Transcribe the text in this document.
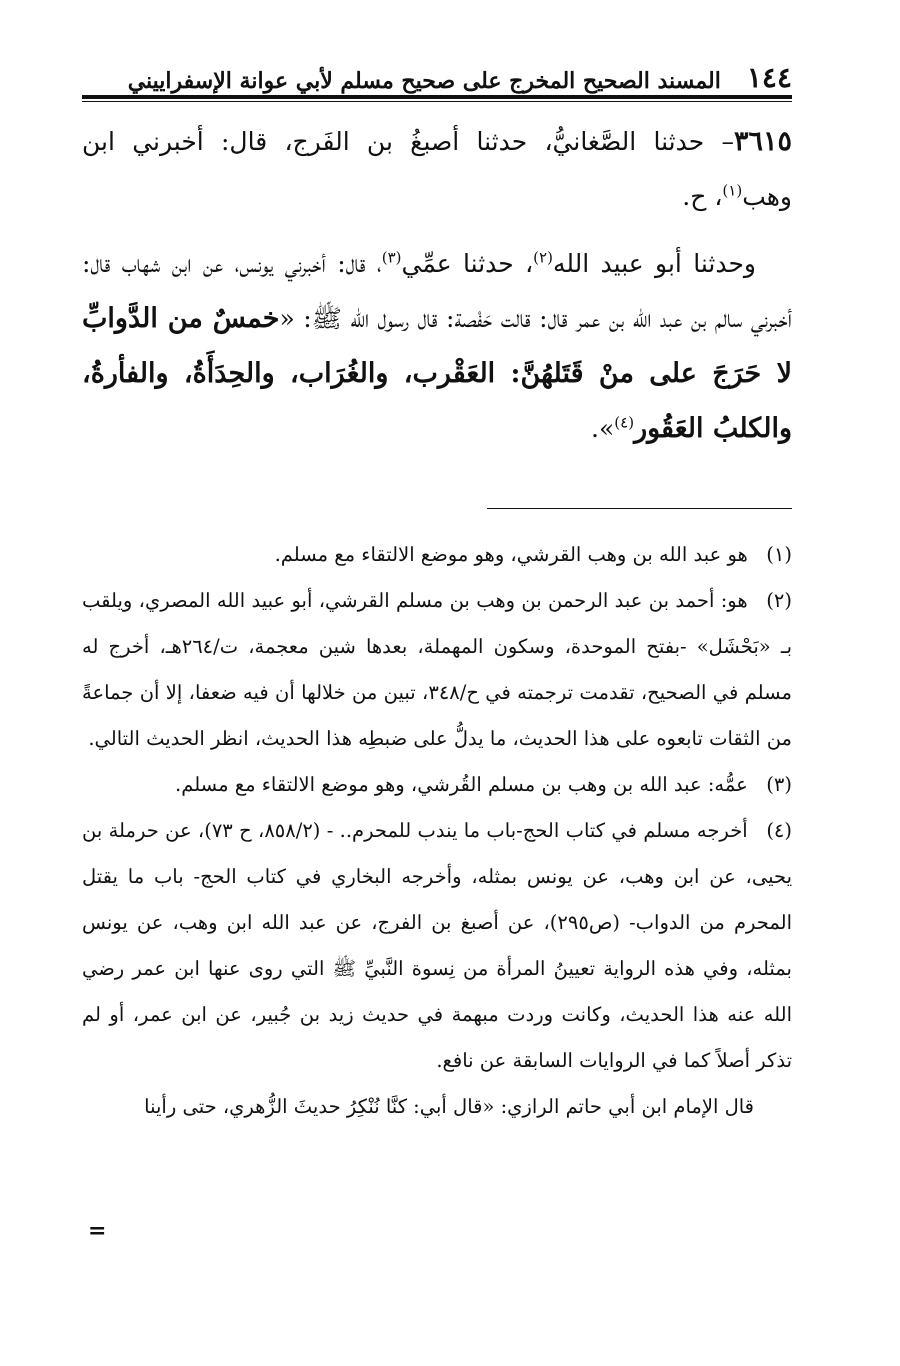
١٤٤
المسند الصحيح المخرج على صحيح مسلم لأبي عوانة الإسفراييني

٣٦١٥– حدثنا الصَّغانيُّ، حدثنا أصبغُ بن الفَرج، قال: أخبرني ابن وهب$^{(١)}$، ح.

وحدثنا أبو عبيد الله$^{(٢)}$، حدثنا عمِّي$^{(٣)}$، قال: أخبرني يونس، عن ابن شهاب قال: أخبرني سالم بن عبد الله بن عمر قال: قالت حَفْصة: قال رسول الله ﷺ: «خمسٌ من الدَّوابِّ لا حَرَجَ على منْ قَتَلهُنَّ: العَقْرب، والغُرَاب، والحِدَأَةُ، والفأرةُ، والكلبُ العَقُور$^{(٤)}$».

(١) هو عبد الله بن وهب القرشي، وهو موضع الالتقاء مع مسلم.

(٢) هو: أحمد بن عبد الرحمن بن وهب بن مسلم القرشي، أبو عبيد الله المصري، ويلقب بـ «بَحْشَل» -بفتح الموحدة، وسكون المهملة، بعدها شين معجمة، ت/٢٦٤هـ، أخرج له مسلم في الصحيح، تقدمت ترجمته في ح/٣٤٨، تبين من خلالها أن فيه ضعفا، إلا أن جماعةً من الثقات تابعوه على هذا الحديث، ما يدلُّ على ضبطِه هذا الحديث، انظر الحديث التالي.

(٣) عمُّه: عبد الله بن وهب بن مسلم القُرشي، وهو موضع الالتقاء مع مسلم.

(٤) أخرجه مسلم في كتاب الحج-باب ما يندب للمحرم.. - (٨٥٨/٢، ح ٧٣)، عن حرملة بن يحيى، عن ابن وهب، عن يونس بمثله، وأخرجه البخاري في كتاب الحج- باب ما يقتل المحرم من الدواب- (ص٢٩٥)، عن أصبغ بن الفرج، عن عبد الله ابن وهب، عن يونس بمثله، وفي هذه الرواية تعيينُ المرأة من نِسوة النَّبيِّ ﷺ التي روى عنها ابن عمر رضي الله عنه هذا الحديث، وكانت وردت مبهمة في حديث زيد بن جُبير، عن ابن عمر، أو لم تذكر أصلاً كما في الروايات السابقة عن نافع.

قال الإمام ابن أبي حاتم الرازي: «قال أبي: كنَّا نُنْكِرُ حديثَ الزُّهري، حتى رأينا

=
